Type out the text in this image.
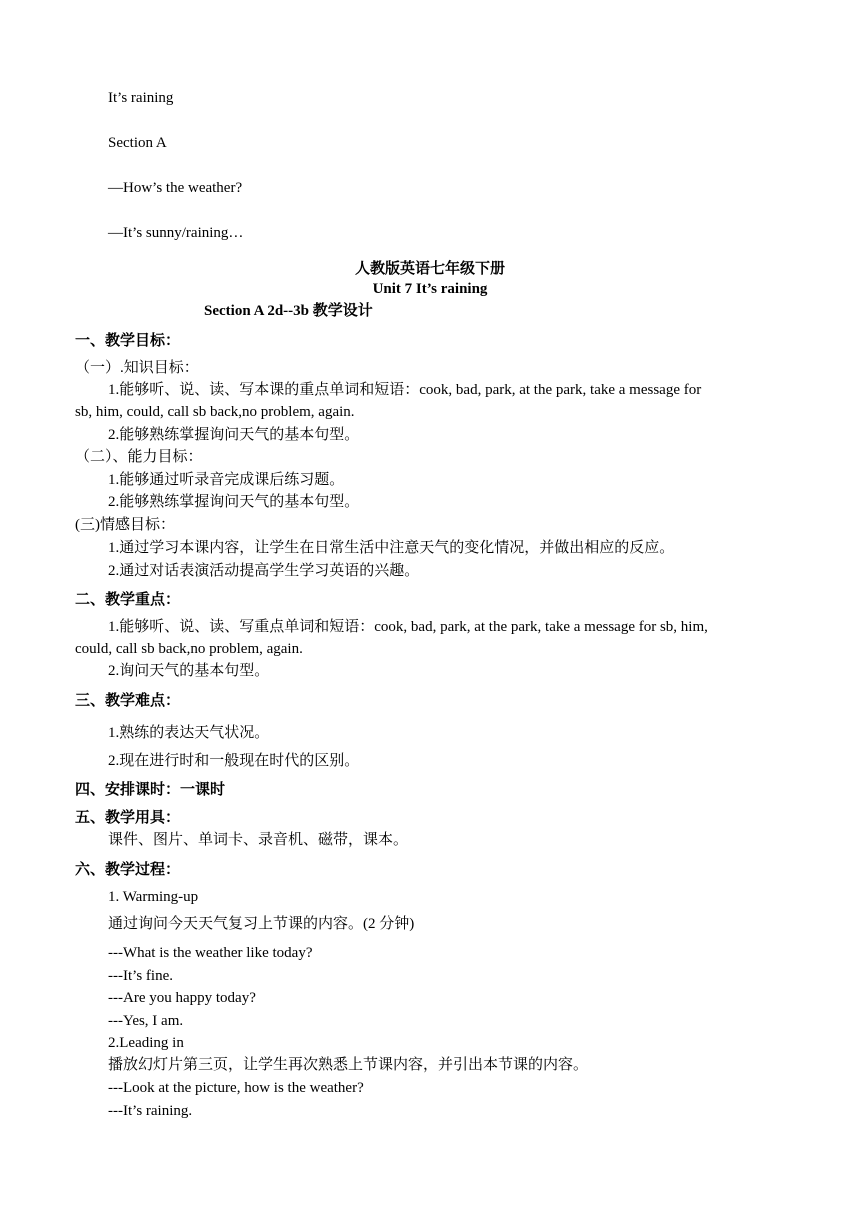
It’s raining
Section A
—How’s the weather?
—It’s sunny/raining…
人教版英语七年级下册
Unit 7 It’s raining
Section A 2d--3b 教学设计
一、教学目标：
（一）.知识目标：
1.能够听、说、读、写本课的重点单词和短语：cook, bad, park, at the park, take a message for
sb, him, could, call sb back,no problem, again.
2.能够熟练掌握询问天气的基本句型。
（二）、能力目标：
1.能够通过听录音完成课后练习题。
2.能够熟练掌握询问天气的基本句型。
(三)情感目标：
1.通过学习本课内容，让学生在日常生活中注意天气的变化情况，并做出相应的反应。
2.通过对话表演活动提高学生学习英语的兴趣。
二、教学重点：
1.能够听、说、读、写重点单词和短语：cook, bad, park, at the park, take a message for sb, him,
could, call sb back,no problem, again.
2.询问天气的基本句型。
三、教学难点：
1.熟练的表达天气状况。
2.现在进行时和一般现在时代的区别。
四、安排课时：一课时
五、教学用具：
课件、图片、单词卡、录音机、磁带，课本。
六、教学过程：
1. Warming-up
通过询问今天天气复习上节课的内容。(2 分钟)
---What is the weather like today?
---It’s fine.
---Are you happy today?
---Yes, I am.
2.Leading in
播放幻灯片第三页，让学生再次熟悉上节课内容，并引出本节课的内容。
---Look at the picture, how is the weather?
---It’s raining.
